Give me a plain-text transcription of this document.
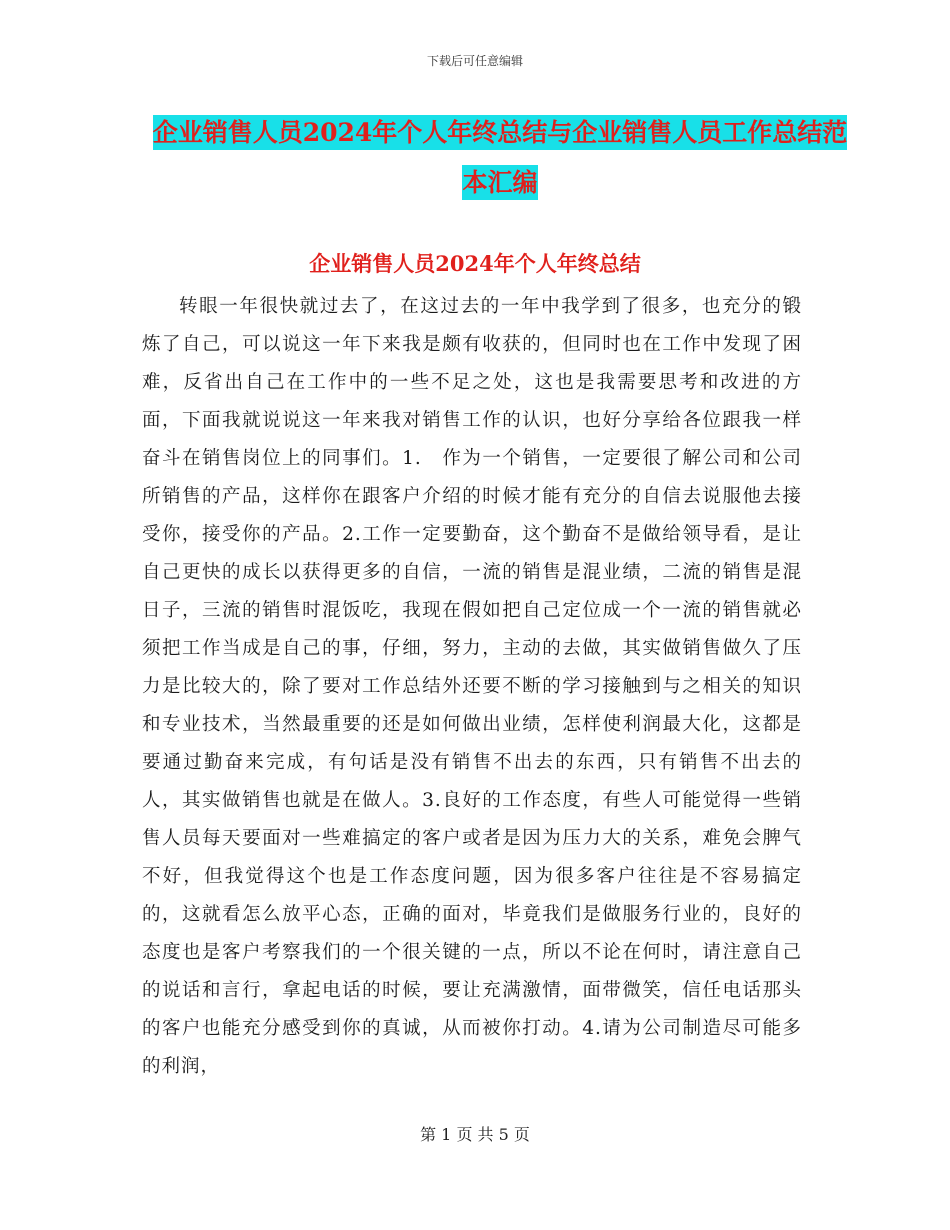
下载后可任意编辑
企业销售人员2024年个人年终总结与企业销售人员工作总结范本汇编
企业销售人员2024年个人年终总结

转眼一年很快就过去了，在这过去的一年中我学到了很多，也充分的锻炼了自己，可以说这一年下来我是颇有收获的，但同时也在工作中发现了困难，反省出自己在工作中的一些不足之处，这也是我需要思考和改进的方面，下面我就说说这一年来我对销售工作的认识，也好分享给各位跟我一样奋斗在销售岗位上的同事们。1.　作为一个销售，一定要很了解公司和公司所销售的产品，这样你在跟客户介绍的时候才能有充分的自信去说服他去接受你，接受你的产品。2.工作一定要勤奋，这个勤奋不是做给领导看，是让自己更快的成长以获得更多的自信，一流的销售是混业绩，二流的销售是混日子，三流的销售时混饭吃，我现在假如把自己定位成一个一流的销售就必须把工作当成是自己的事，仔细，努力，主动的去做，其实做销售做久了压力是比较大的，除了要对工作总结外还要不断的学习接触到与之相关的知识和专业技术，当然最重要的还是如何做出业绩，怎样使利润最大化，这都是要通过勤奋来完成，有句话是没有销售不出去的东西，只有销售不出去的人，其实做销售也就是在做人。3.良好的工作态度，有些人可能觉得一些销售人员每天要面对一些难搞定的客户或者是因为压力大的关系，难免会脾气不好，但我觉得这个也是工作态度问题，因为很多客户往往是不容易搞定的，这就看怎么放平心态，正确的面对，毕竟我们是做服务行业的，良好的态度也是客户考察我们的一个很关键的一点，所以不论在何时，请注意自己的说话和言行，拿起电话的时候，要让充满激情，面带微笑，信任电话那头的客户也能充分感受到你的真诚，从而被你打动。4.请为公司制造尽可能多的利润，

第 1 页 共 5 页
